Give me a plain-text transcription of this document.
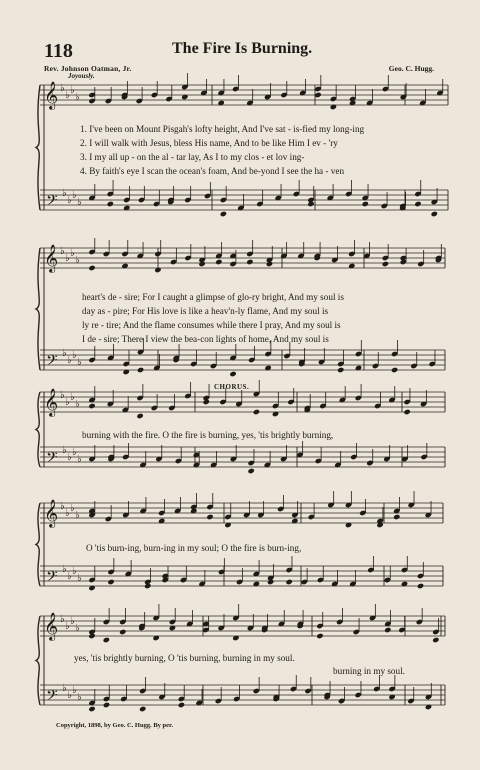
118	The Fire Is Burning.
Rev. Johnson Oatman, Jr.	Geo. C. Hugg.
Joyously.
𝄞 ♭
♭ ♭
♭
𝄢 ♭
♭ ♭
♭
𝄞 ♭
♭ ♭
♭
𝄢 ♭
♭ ♭
♭
𝄞 ♭
♭ ♭
♭
𝄢 ♭
♭ ♭
♭
𝄞 ♭
♭ ♭
♭
𝄢 ♭
♭ ♭
♭
𝄞 ♭
♭ ♭
♭
𝄢 ♭
♭ ♭
♭
1. I've been on Mount Pisgah's lofty height, And I've sat - is-fied my long-ing
2. I will walk with Jesus, bless His name, And to be like Him I ev - 'ry
3. I my all up - on the al - tar lay, As I to my clos - et lov ing-
4. By faith's eye I scan the ocean's foam, And be-yond I see the ha - ven
heart's de - sire; For I caught a glimpse of glo-ry bright, And my soul is
day as - pire; For His love is like a heav'n-ly flame, And my soul is
ly re - tire; And the flame consumes while there I pray, And my soul is
I de - sire; There I view the bea-con lights of home, And my soul is
CHORUS.
burning with the fire. O the fire is burning, yes, 'tis brightly burning,
O 'tis burn-ing, burn-ing in my soul; O the fire is burn-ing,
yes, 'tis brightly burning, O 'tis burning, burning in my soul.
burning in my soul.
Copyright, 1898, by Geo. C. Hugg. By per.
